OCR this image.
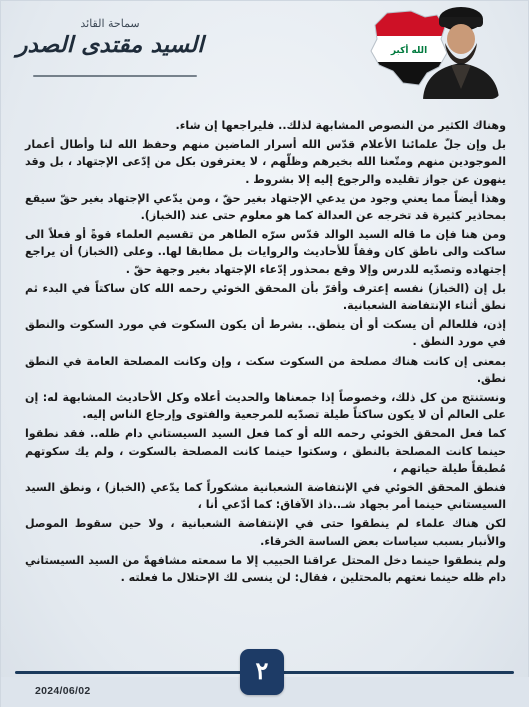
سماحة القائد
السيد مقتدى الصدر	الله أكبر

وهناك الكثير من النصوص المشابهة لذلك.. فليراجعها إن شاء.

بل وإن جلّ علمائنا الأعلام قدّس الله أسرار الماضين منهم وحفظ الله لنا وأطال أعمار الموجودين منهم ومتّعنا الله بخيرهم وظلّهم ، لا يعترفون بكل من إدّعى الإجتهاد ، بل وقد ينهون عن جواز تقليده والرجوع إليه إلا بشروط .

وهذا أيضاً مما يعني وجود من يدعي الإجتهاد بغير حقّ ، ومن يدّعي الإجتهاد بغير حقّ سيقع بمحاذير كثيرة قد تخرجه عن العدالة كما هو معلوم حتى عند (الخباز).

ومن هنا فإن ما قاله السيد الوالد قدّس سرّه الطاهر من تقسيم العلماء قوةً أو فعلاً الى ساكت والى ناطق كان وفقاً للأحاديث والروايات بل مطابقا لها.. وعلى (الخباز) أن يراجع إجتهاده وتصدّيه للدرس وإلا وقع بمحذور إدّعاء الإجتهاد بغير وجهة حقّ .

بل إن (الخباز) نفسه إعترف وأقرّ بأن المحقق الخوئي رحمه الله كان ساكتاً في البدء ثم نطق أثناء الإنتفاضة الشعبانية.

إذن، فللعالم أن يسكت أو أن ينطق.. بشرط أن يكون السكوت في مورد السكوت والنطق في مورد النطق .

بمعنى إن كانت هناك مصلحة من السكوت سكت ، وإن وكانت المصلحة العامة في النطق نطق.

ونستنتج من كل ذلك، وخصوصاً إذا جمعناها والحديث أعلاه وكل الأحاديث المشابهة له: إن على العالم أن لا يكون ساكتاً طيلة تصدّيه للمرجعية والفتوى وإرجاع الناس إليه.

كما فعل المحقق الخوئي رحمه الله أو كما فعل السيد السيستاني دام ظله.. فقد نطقوا حينما كانت المصلحة بالنطق ، وسكتوا حينما كانت المصلحة بالسكوت ، ولم يك سكوتهم مُطبقاً طيلة حياتهم ،

فنطق المحقق الخوئي في الإنتفاضة الشعبانية مشكوراً كما يدّعي (الخباز) ، ونطق السيد السيستاني حينما أمر بجهاد شـ..ذاذ الآفاق: كما أدّعي أنا ،

لكن هناك علماء لم ينطقوا حتى في الإنتفاضة الشعبانية ، ولا حين سقوط الموصل والأنبار بسبب سياسات بعض الساسة الخرقاء.

ولم ينطقوا حينما دخل المحتل عراقنا الحبيب إلا ما سمعته مشافهةً من السيد السيستاني دام ظله حينما نعتهم بالمحتلين ، فقال: لن ينسى لك الإحتلال ما فعلته .

٢
2024/06/02
